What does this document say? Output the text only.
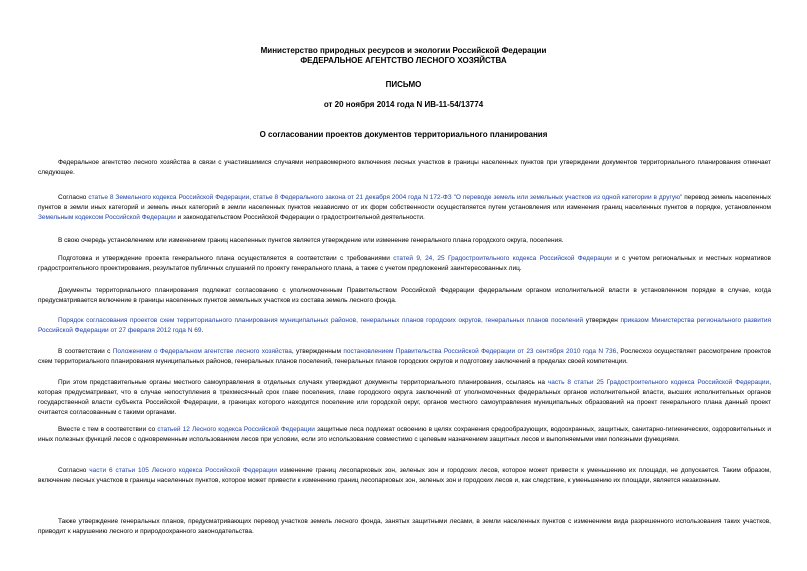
Министерство природных ресурсов и экологии Российской Федерации
ФЕДЕРАЛЬНОЕ АГЕНТСТВО ЛЕСНОГО ХОЗЯЙСТВА
ПИСЬМО
от 20 ноября 2014 года N ИВ-11-54/13774
О согласовании проектов документов территориального планирования
Федеральное агентство лесного хозяйства в связи с участившимися случаями неправомерного включения лесных участков в границы населенных пунктов при утверждении документов территориального планирования отмечает следующее.
Согласно статье 8 Земельного кодекса Российской Федерации, статье 8 Федерального закона от 21 декабря 2004 года N 172-ФЗ "О переводе земель или земельных участков из одной категории в другую" перевод земель населенных пунктов в земли иных категорий и земель иных категорий в земли населенных пунктов независимо от их форм собственности осуществляется путем установления или изменения границ населенных пунктов в порядке, установленном Земельным кодексом Российской Федерации и законодательством Российской Федерации о градостроительной деятельности.
В свою очередь установлением или изменением границ населенных пунктов является утверждение или изменение генерального плана городского округа, поселения.
Подготовка и утверждение проекта генерального плана осуществляется в соответствии с требованиями статей 9, 24, 25 Градостроительного кодекса Российской Федерации и с учетом региональных и местных нормативов градостроительного проектирования, результатов публичных слушаний по проекту генерального плана, а также с учетом предложений заинтересованных лиц.
Документы территориального планирования подлежат согласованию с уполномоченным Правительством Российской Федерации федеральным органом исполнительной власти в установленном порядке в случае, когда предусматривается включение в границы населенных пунктов земельных участков из состава земель лесного фонда.
Порядок согласования проектов схем территориального планирования муниципальных районов, генеральных планов городских округов, генеральных планов поселений утвержден приказом Министерства регионального развития Российской Федерации от 27 февраля 2012 года N 69.
В соответствии с Положением о Федеральном агентстве лесного хозяйства, утвержденным постановлением Правительства Российской Федерации от 23 сентября 2010 года N 736, Рослесхоз осуществляет рассмотрение проектов схем территориального планирования муниципальных районов, генеральных планов поселений, генеральных планов городских округов и подготовку заключений в пределах своей компетенции.
При этом представительные органы местного самоуправления в отдельных случаях утверждают документы территориального планирования, ссылаясь на часть 8 статьи 25 Градостроительного кодекса Российской Федерации, которая предусматривает, что в случае непоступления в трехмесячный срок главе поселения, главе городского округа заключений от уполномоченных федеральных органов исполнительной власти, высших исполнительных органов государственной власти субъекта Российской Федерации, в границах которого находится поселение или городской округ, органов местного самоуправления муниципальных образований на проект генерального плана данный проект считается согласованным с такими органами.
Вместе с тем в соответствии со статьей 12 Лесного кодекса Российской Федерации защитные леса подлежат освоению в целях сохранения средообразующих, водоохранных, защитных, санитарно-гигиенических, оздоровительных и иных полезных функций лесов с одновременным использованием лесов при условии, если это использование совместимо с целевым назначением защитных лесов и выполняемыми ими полезными функциями.
Согласно части 6 статьи 105 Лесного кодекса Российской Федерации изменение границ лесопарковых зон, зеленых зон и городских лесов, которое может привести к уменьшению их площади, не допускается. Таким образом, включение лесных участков в границы населенных пунктов, которое может привести к изменению границ лесопарковых зон, зеленых зон и городских лесов и, как следствие, к уменьшению их площади, является незаконным.
Также утверждение генеральных планов, предусматривающих перевод участков земель лесного фонда, занятых защитными лесами, в земли населенных пунктов с изменением вида разрешенного использования таких участков, приводит к нарушению лесного и природоохранного законодательства.
